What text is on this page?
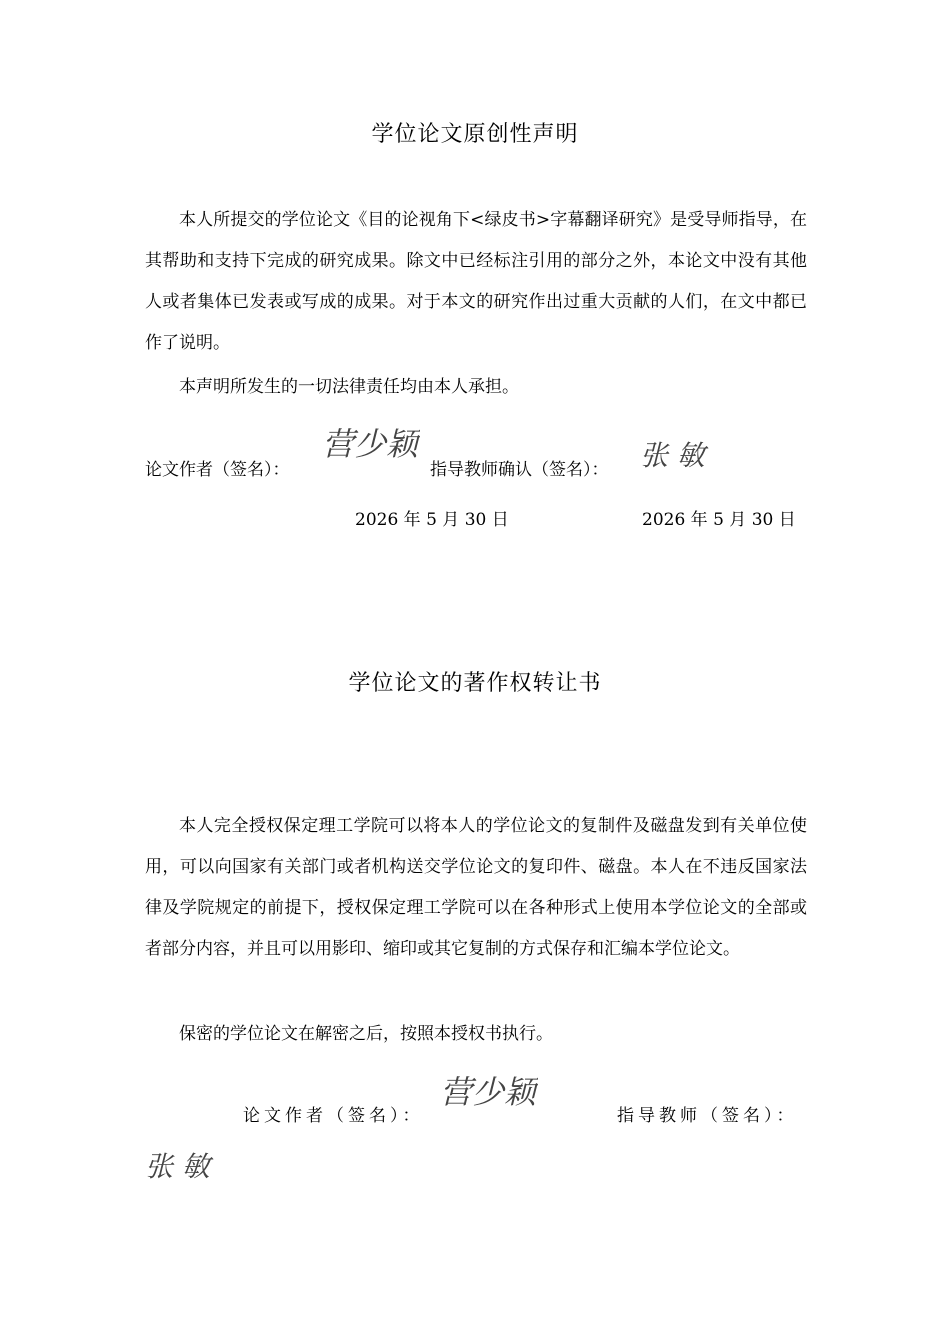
学位论文原创性声明

本人所提交的学位论文《目的论视角下<绿皮书>字幕翻译研究》是受导师指导，在其帮助和支持下完成的研究成果。除文中已经标注引用的部分之外，本论文中没有其他人或者集体已发表或写成的成果。对于本文的研究作出过重大贡献的人们，在文中都已作了说明。

本声明所发生的一切法律责任均由本人承担。

论文作者（签名）：
营少颖
指导教师确认（签名）： 张 敏
2026 年 5 月 30 日	2026 年 5 月 30 日
学位论文的著作权转让书

本人完全授权保定理工学院可以将本人的学位论文的复制件及磁盘发到有关单位使用，可以向国家有关部门或者机构送交学位论文的复印件、磁盘。本人在不违反国家法律及学院规定的前提下，授权保定理工学院可以在各种形式上使用本学位论文的全部或者部分内容，并且可以用影印、缩印或其它复制的方式保存和汇编本学位论文。

保密的学位论文在解密之后，按照本授权书执行。

论文作者（签名）：
营少颖
指导教师（签名）：
张 敏
